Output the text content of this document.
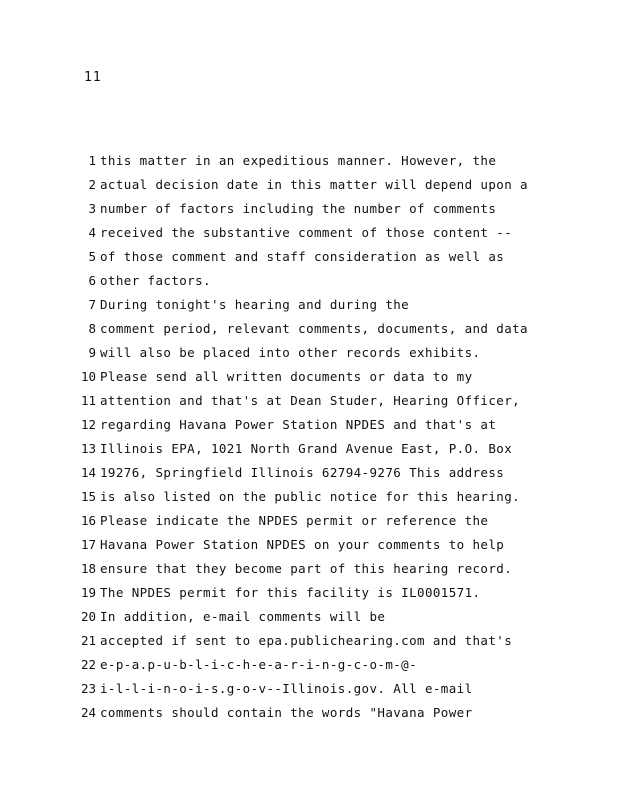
11
1 this matter in an expeditious manner. However, the
2 actual decision date in this matter will depend upon a
3 number of factors including the number of comments
4 received the substantive comment of those content --
5 of those comment and staff consideration as well as
6 other factors.
7 During tonight's hearing and during the
8 comment period, relevant comments, documents, and data
9 will also be placed into other records exhibits.
10 Please send all written documents or data to my
11 attention and that's at Dean Studer, Hearing Officer,
12 regarding Havana Power Station NPDES and that's at
13 Illinois EPA, 1021 North Grand Avenue East, P.O. Box
14 19276, Springfield Illinois 62794-9276 This address
15 is also listed on the public notice for this hearing.
16 Please indicate the NPDES permit or reference the
17 Havana Power Station NPDES on your comments to help
18 ensure that they become part of this hearing record.
19 The NPDES permit for this facility is IL0001571.
20 In addition, e-mail comments will be
21 accepted if sent to epa.publichearing.com and that's
22 e-p-a.p-u-b-l-i-c-h-e-a-r-i-n-g-c-o-m-@-
23 i-l-l-i-n-o-i-s.g-o-v--Illinois.gov. All e-mail
24 comments should contain the words "Havana Power
